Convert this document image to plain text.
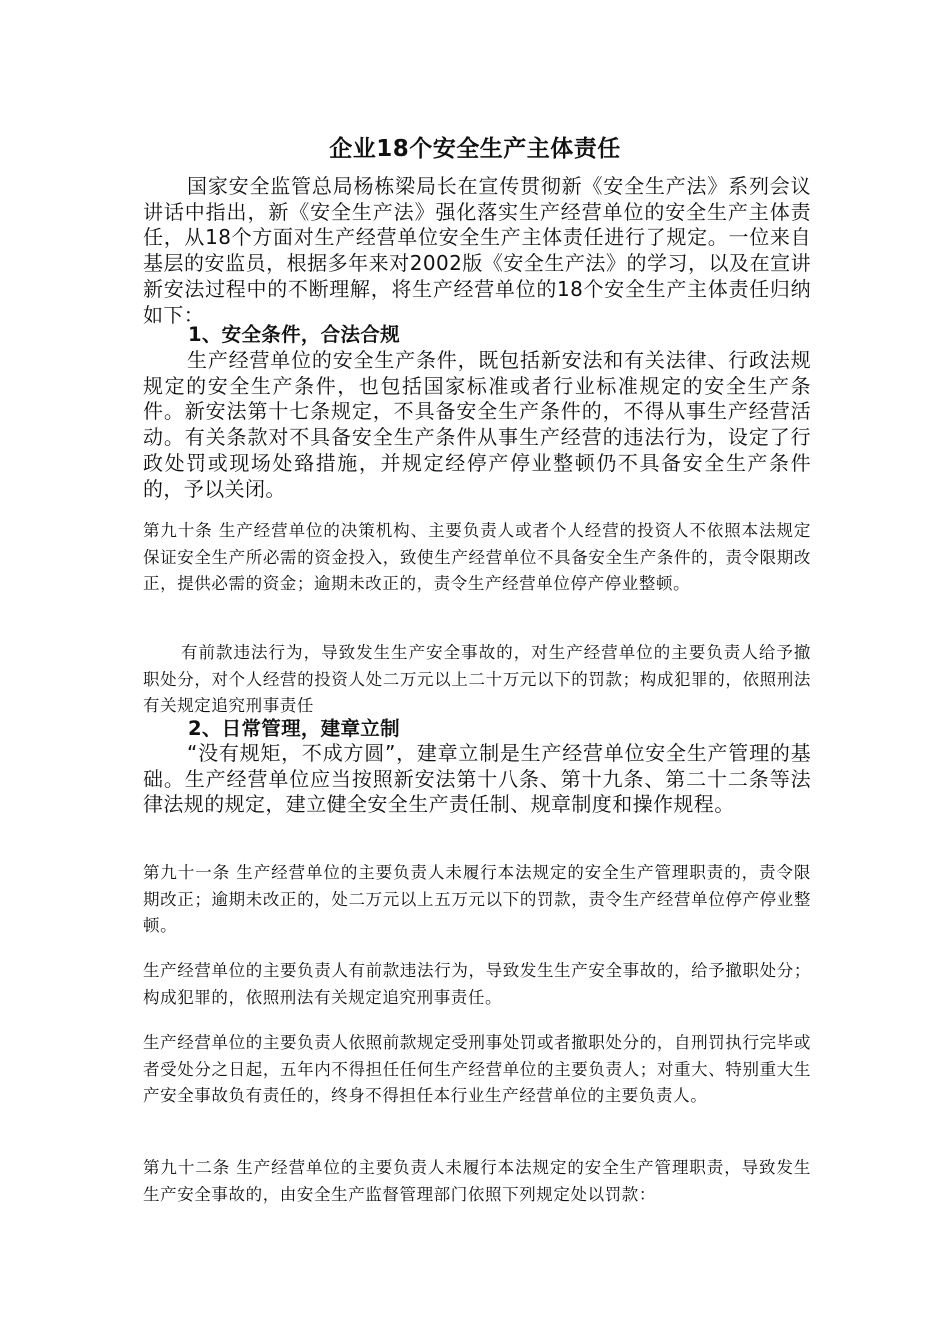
企业18个安全生产主体责任

国家安全监管总局杨栋梁局长在宣传贯彻新《安全生产法》系列会议讲话中指出，新《安全生产法》强化落实生产经营单位的安全生产主体责任，从18个方面对生产经营单位安全生产主体责任进行了规定。一位来自基层的安监员，根据多年来对2002版《安全生产法》的学习，以及在宣讲新安法过程中的不断理解，将生产经营单位的18个安全生产主体责任归纳如下：

1、安全条件，合法合规

生产经营单位的安全生产条件，既包括新安法和有关法律、行政法规规定的安全生产条件，也包括国家标准或者行业标准规定的安全生产条件。新安法第十七条规定，不具备安全生产条件的，不得从事生产经营活动。有关条款对不具备安全生产条件从事生产经营的违法行为，设定了行政处罚或现场处臵措施，并规定经停产停业整顿仍不具备安全生产条件的，予以关闭。

第九十条 生产经营单位的决策机构、主要负责人或者个人经营的投资人不依照本法规定保证安全生产所必需的资金投入，致使生产经营单位不具备安全生产条件的，责令限期改正，提供必需的资金；逾期未改正的，责令生产经营单位停产停业整顿。

有前款违法行为，导致发生生产安全事故的，对生产经营单位的主要负责人给予撤职处分，对个人经营的投资人处二万元以上二十万元以下的罚款；构成犯罪的，依照刑法有关规定追究刑事责任

2、日常管理，建章立制

“没有规矩，不成方圆”，建章立制是生产经营单位安全生产管理的基础。生产经营单位应当按照新安法第十八条、第十九条、第二十二条等法律法规的规定，建立健全安全生产责任制、规章制度和操作规程。

第九十一条 生产经营单位的主要负责人未履行本法规定的安全生产管理职责的，责令限期改正；逾期未改正的，处二万元以上五万元以下的罚款，责令生产经营单位停产停业整顿。

生产经营单位的主要负责人有前款违法行为，导致发生生产安全事故的，给予撤职处分；构成犯罪的，依照刑法有关规定追究刑事责任。

生产经营单位的主要负责人依照前款规定受刑事处罚或者撤职处分的，自刑罚执行完毕或者受处分之日起，五年内不得担任任何生产经营单位的主要负责人；对重大、特别重大生产安全事故负有责任的，终身不得担任本行业生产经营单位的主要负责人。

第九十二条 生产经营单位的主要负责人未履行本法规定的安全生产管理职责，导致发生生产安全事故的，由安全生产监督管理部门依照下列规定处以罚款：
